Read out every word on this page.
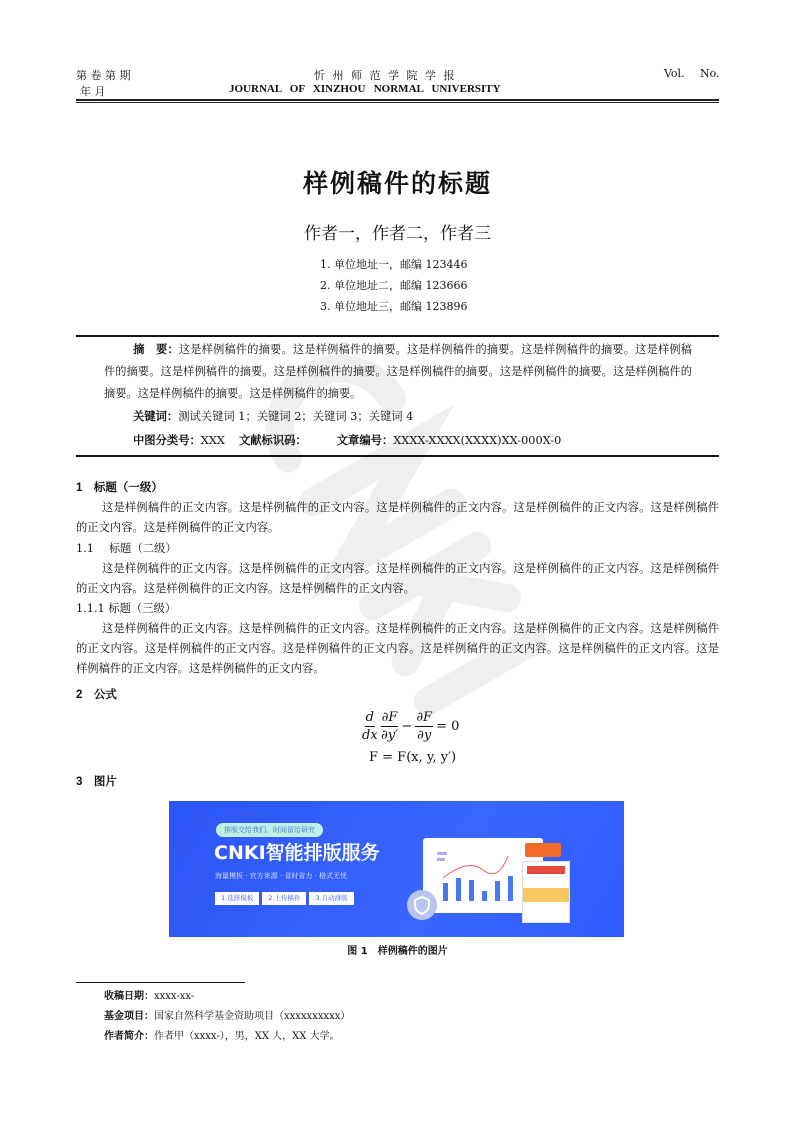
第 卷 第 期
年 月
忻 州 师 范 学 院 学 报
JOURNAL   OF   XINZHOU   NORMAL   UNIVERSITY
Vol. No.
样例稿件的标题
作者一，作者二，作者三
1. 单位地址一，邮编 123446
2. 单位地址二，邮编 123666
3. 单位地址三，邮编 123896
摘　要：这是样例稿件的摘要。这是样例稿件的摘要。这是样例稿件的摘要。这是样例稿件的摘要。这是样例稿件的摘要。这是样例稿件的摘要。这是样例稿件的摘要。这是样例稿件的摘要。这是样例稿件的摘要。这是样例稿件的摘要。这是样例稿件的摘要。这是样例稿件的摘要。
关键词：测试关键词 1；关键词 2；关键词 3；关键词 4
中图分类号：XXX 文献标识码：	文章编号：XXXX-XXXX(XXXX)XX-000X-0
1　标题（一级）
这是样例稿件的正文内容。这是样例稿件的正文内容。这是样例稿件的正文内容。这是样例稿件的正文内容。这是样例稿件的正文内容。这是样例稿件的正文内容。
1.1　 标题（二级）
这是样例稿件的正文内容。这是样例稿件的正文内容。这是样例稿件的正文内容。这是样例稿件的正文内容。这是样例稿件的正文内容。这是样例稿件的正文内容。这是样例稿件的正文内容。
1.1.1 标题（三级）
这是样例稿件的正文内容。这是样例稿件的正文内容。这是样例稿件的正文内容。这是样例稿件的正文内容。这是样例稿件的正文内容。这是样例稿件的正文内容。这是样例稿件的正文内容。这是样例稿件的正文内容。这是样例稿件的正文内容。这是样例稿件的正文内容。这是样例稿件的正文内容。
2　公式
d
dx
∂F
∂y′
− $\frac{\partial F}{\partial y} = 0$
F = F(x, y, y′)
3　图片
排版交给我们、时间留给研究
CNKI智能排版服务
海量模板 · 官方来源 · 省时省力 · 格式无忧
1.选择模板	2.上传稿件	3.自动排版
图 1　样例稿件的图片
收稿日期：xxxx-xx-
基金项目：国家自然科学基金资助项目（xxxxxxxxxx）
作者简介：作者甲（xxxx-），男，XX 人，XX 大学。
